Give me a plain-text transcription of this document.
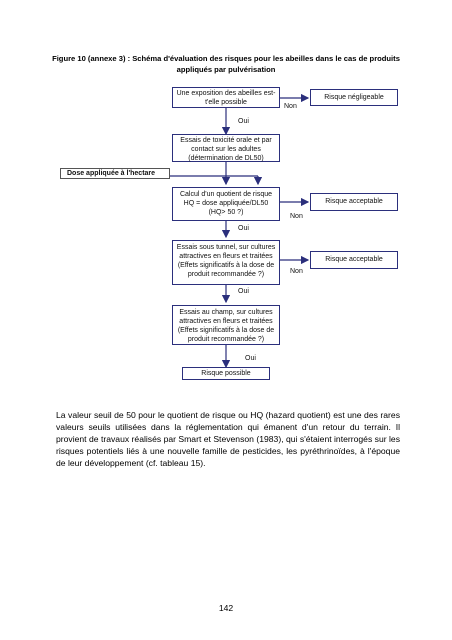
Figure 10 (annexe 3) : Schéma d'évaluation des risques pour les abeilles dans le cas de produits appliqués par pulvérisation
Une exposition des abeilles est-t'elle possible
Essais de toxicité orale et par contact sur les adultes (détermination de DL50)
Calcul d'un quotient de risque HQ = dose appliquée/DL50 (HQ> 50 ?)
Essais sous tunnel, sur cultures attractives en fleurs et traitées (Effets significatifs à la dose de produit recommandée ?)
Essais au champ, sur cultures attractives en fleurs et traitées (Effets significatifs à la dose de produit recommandée ?)
Risque possible
Risque négligeable
Risque acceptable
Risque acceptable
Dose appliquée à l'hectare
Non
Oui
Non
Oui
Non
Oui
Oui

La valeur seuil de 50 pour le quotient de risque ou HQ (hazard quotient) est une des rares valeurs seuils utilisées dans la réglementation qui émanent d'un retour du terrain. Il provient de travaux réalisés par Smart et Stevenson (1983), qui s'étaient interrogés sur les risques potentiels liés à une nouvelle famille de pesticides, les pyréthrinoïdes, à l'époque de leur développement (cf. tableau 15).

142
